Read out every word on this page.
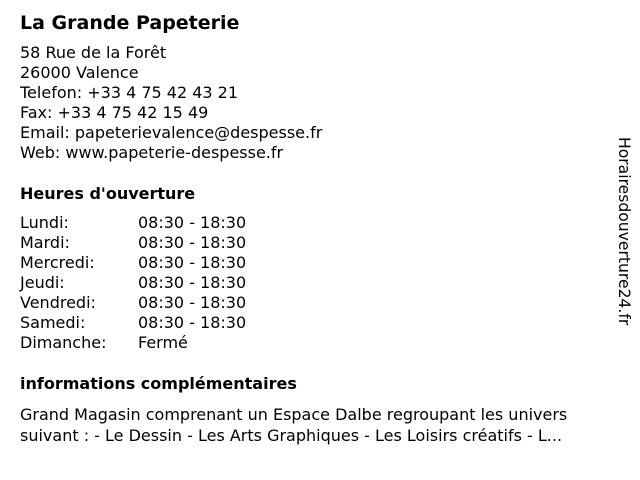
La Grande Papeterie
58 Rue de la Forêt
26000 Valence
Telefon: +33 4 75 42 43 21
Fax: +33 4 75 42 15 49
Email: papeterievalence@despesse.fr
Web: www.papeterie-despesse.fr
Heures d'ouverture
Lundi:	08:30 - 18:30
Mardi:	08:30 - 18:30
Mercredi:	08:30 - 18:30
Jeudi:	08:30 - 18:30
Vendredi:	08:30 - 18:30
Samedi:	08:30 - 18:30
Dimanche:	Fermé
informations complémentaires
Grand Magasin comprenant un Espace Dalbe regroupant les univers
suivant : - Le Dessin - Les Arts Graphiques - Les Loisirs créatifs - L...
Horairesdouverture24.fr
